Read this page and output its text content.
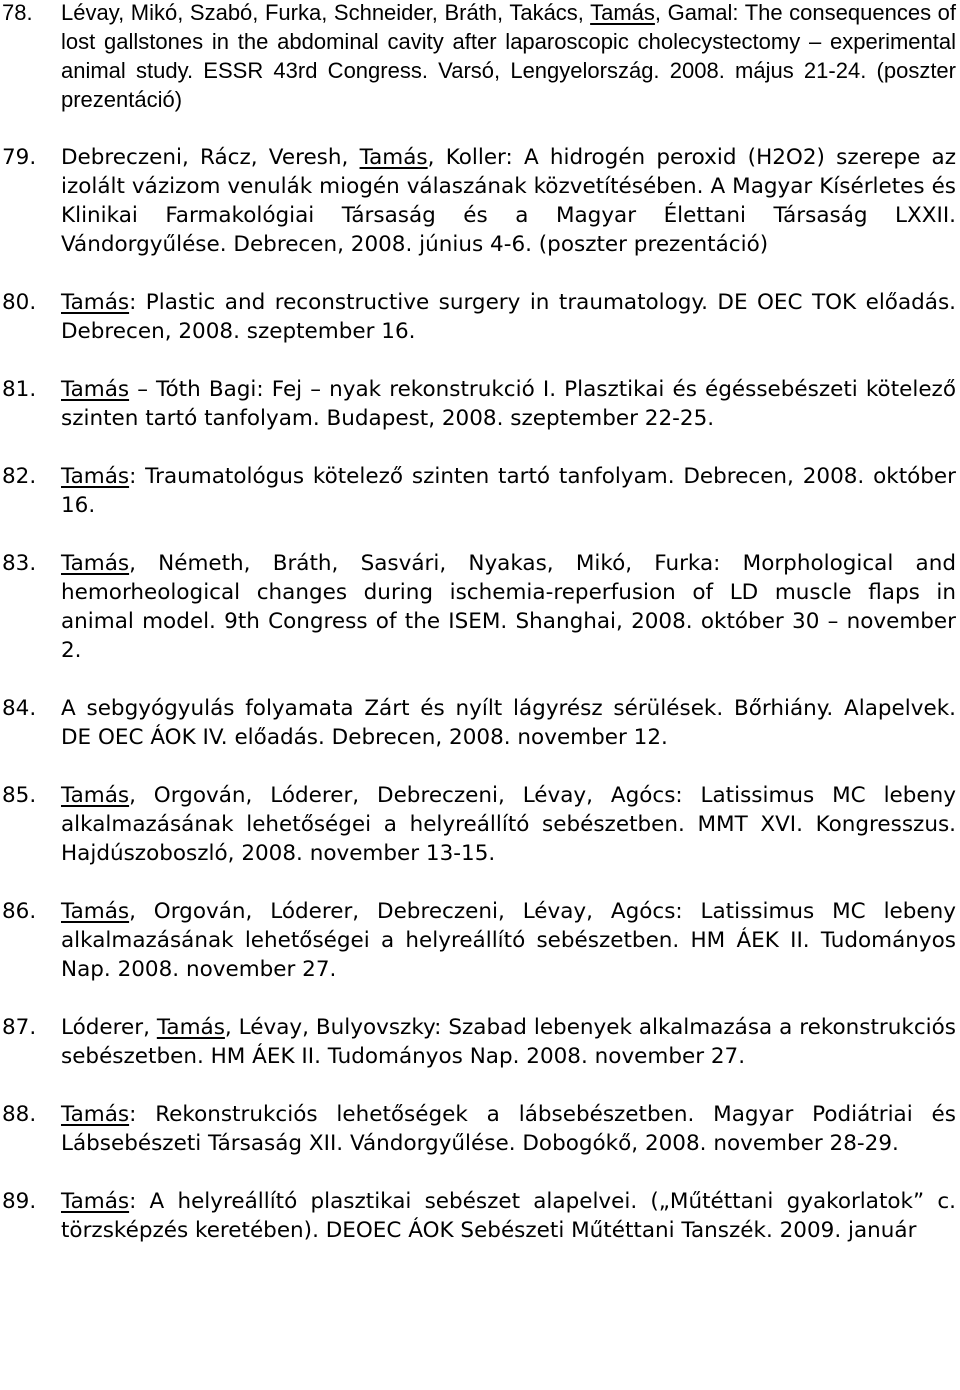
78. Lévay, Mikó, Szabó, Furka, Schneider, Bráth, Takács, Tamás, Gamal: The consequences of lost gallstones in the abdominal cavity after laparoscopic cholecystectomy – experimental animal study. ESSR 43rd Congress. Varsó, Lengyelország. 2008. május 21-24. (poszter prezentáció)
79. Debreczeni, Rácz, Veresh, Tamás, Koller: A hidrogén peroxid (H2O2) szerepe az izolált vázizom venulák miogén válaszának közvetítésében. A Magyar Kísérletes és Klinikai Farmakológiai Társaság és a Magyar Élettani Társaság LXXII. Vándorgyűlése. Debrecen, 2008. június 4-6. (poszter prezentáció)
80. Tamás: Plastic and reconstructive surgery in traumatology. DE OEC TOK előadás. Debrecen, 2008. szeptember 16.
81. Tamás – Tóth Bagi: Fej – nyak rekonstrukció I. Plasztikai és égéssebészeti kötelező szinten tartó tanfolyam. Budapest, 2008. szeptember 22-25.
82. Tamás: Traumatológus kötelező szinten tartó tanfolyam. Debrecen, 2008. október 16.
83. Tamás, Németh, Bráth, Sasvári, Nyakas, Mikó, Furka: Morphological and hemorheological changes during ischemia-reperfusion of LD muscle flaps in animal model. 9th Congress of the ISEM. Shanghai, 2008. október 30 – november 2.
84. A sebgyógyulás folyamata Zárt és nyílt lágyrész sérülések. Bőrhiány. Alapelvek. DE OEC ÁOK IV. előadás. Debrecen, 2008. november 12.
85. Tamás, Orgován, Lóderer, Debreczeni, Lévay, Agócs: Latissimus MC lebeny alkalmazásának lehetőségei a helyreállító sebészetben. MMT XVI. Kongresszus. Hajdúszoboszló, 2008. november 13-15.
86. Tamás, Orgován, Lóderer, Debreczeni, Lévay, Agócs: Latissimus MC lebeny alkalmazásának lehetőségei a helyreállító sebészetben. HM ÁEK II. Tudományos Nap. 2008. november 27.
87. Lóderer, Tamás, Lévay, Bulyovszky: Szabad lebenyek alkalmazása a rekonstrukciós sebészetben. HM ÁEK II. Tudományos Nap. 2008. november 27.
88. Tamás: Rekonstrukciós lehetőségek a lábsebészetben. Magyar Podiátriai és Lábsebészeti Társaság XII. Vándorgyűlése. Dobogókő, 2008. november 28-29.
89. Tamás: A helyreállító plasztikai sebészet alapelvei. („Műtéttani gyakorlatok” c. törzsképzés keretében). DEOEC ÁOK Sebészeti Műtéttani Tanszék. 2009. január
